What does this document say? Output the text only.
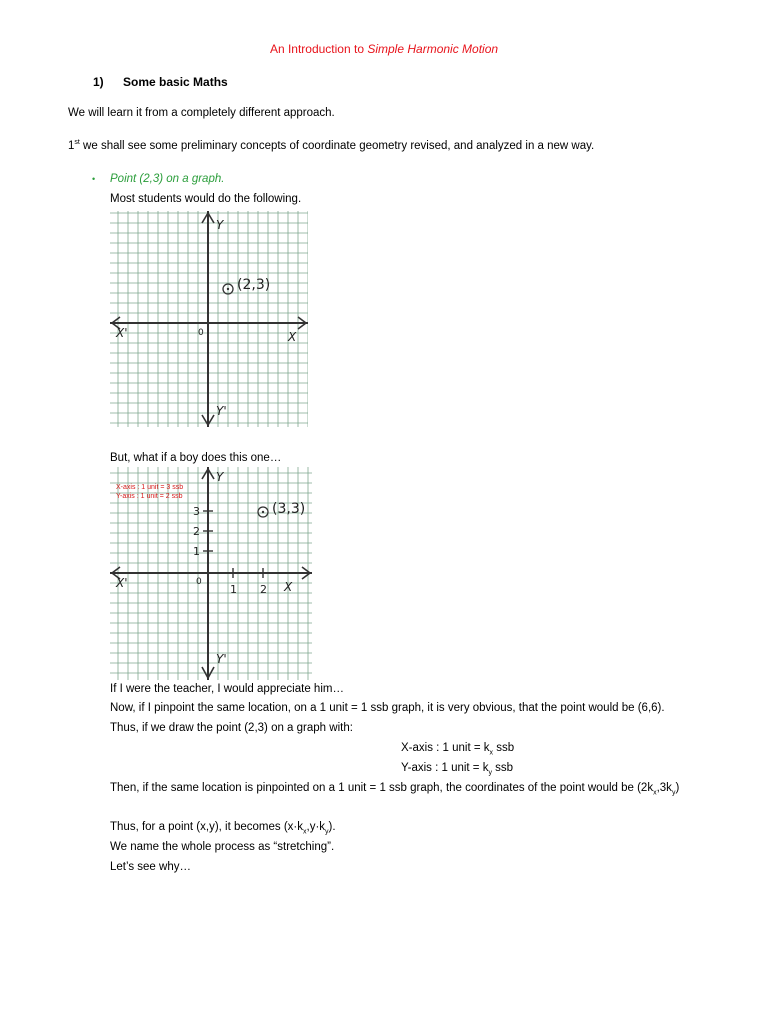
An Introduction to Simple Harmonic Motion
1) Some basic Maths
We will learn it from a completely different approach.
1st we shall see some preliminary concepts of coordinate geometry revised, and analyzed in a new way.
• Point (2,3) on a graph.
Most students would do the following.
(2,3)
0	X
X'
Y
Y'
But, what if a boy does this one…
1 2
1
2
3
X-axis : 1 unit = 3 ssb
Y-axis : 1 unit = 2 ssb
(3,3)
0	X
X'
Y
Y'
If I were the teacher, I would appreciate him…
Now, if I pinpoint the same location, on a 1 unit = 1 ssb graph, it is very obvious, that the point would be (6,6).
Thus, if we draw the point (2,3) on a graph with:
X-axis : 1 unit = $k_x$ ssb
Y-axis : 1 unit = $k_y$ ssb
Then, if the same location is pinpointed on a 1 unit = 1 ssb graph, the coordinates of the point would be $(2k_x,3k_y)$
Thus, for a point (x,y), it becomes $(x\cdot k_x,y\cdot k_y)$.
We name the whole process as “stretching”.
Let’s see why…
